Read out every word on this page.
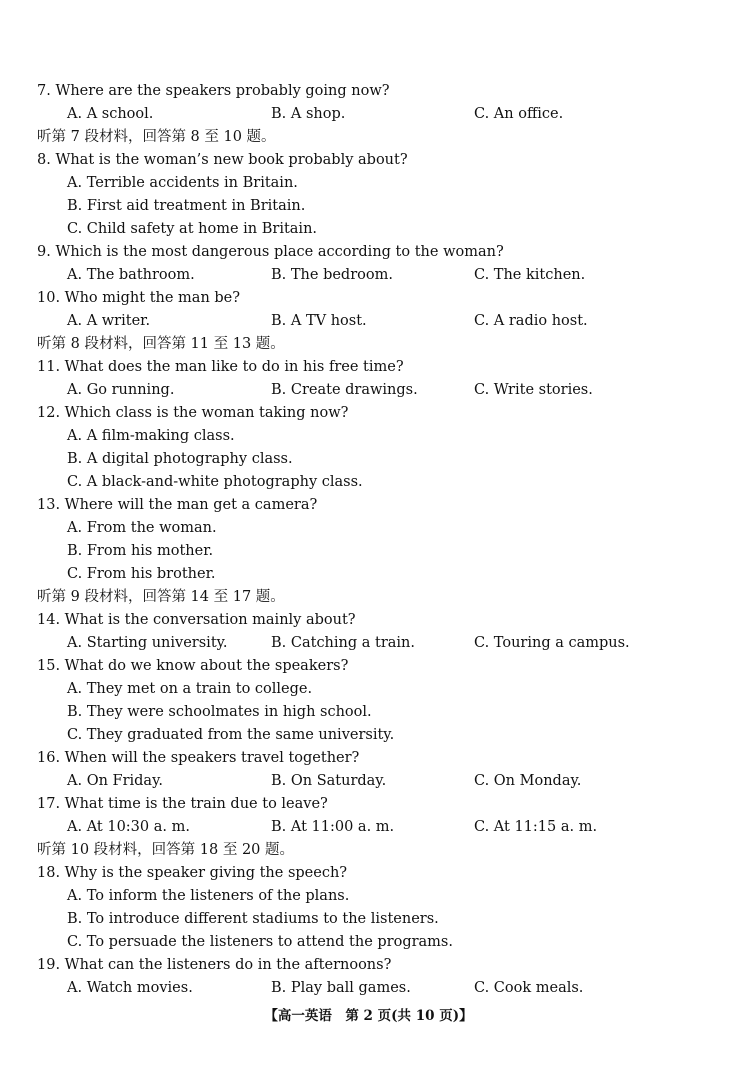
7. Where are the speakers probably going now?
A. A school.	B. A shop.	C. An office.
听第 7 段材料，回答第 8 至 10 题。
8. What is the woman’s new book probably about?
A. Terrible accidents in Britain.
B. First aid treatment in Britain.
C. Child safety at home in Britain.
9. Which is the most dangerous place according to the woman?
A. The bathroom.	B. The bedroom.	C. The kitchen.
10. Who might the man be?
A. A writer.	B. A TV host.	C. A radio host.
听第 8 段材料，回答第 11 至 13 题。
11. What does the man like to do in his free time?
A. Go running.	B. Create drawings.	C. Write stories.
12. Which class is the woman taking now?
A. A film-making class.
B. A digital photography class.
C. A black-and-white photography class.
13. Where will the man get a camera?
A. From the woman.
B. From his mother.
C. From his brother.
听第 9 段材料，回答第 14 至 17 题。
14. What is the conversation mainly about?
A. Starting university.	B. Catching a train.	C. Touring a campus.
15. What do we know about the speakers?
A. They met on a train to college.
B. They were schoolmates in high school.
C. They graduated from the same university.
16. When will the speakers travel together?
A. On Friday.	B. On Saturday.	C. On Monday.
17. What time is the train due to leave?
A. At 10:30 a. m.	B. At 11:00 a. m.	C. At 11:15 a. m.
听第 10 段材料，回答第 18 至 20 题。
18. Why is the speaker giving the speech?
A. To inform the listeners of the plans.
B. To introduce different stadiums to the listeners.
C. To persuade the listeners to attend the programs.
19. What can the listeners do in the afternoons?
A. Watch movies.	B. Play ball games.	C. Cook meals.
【高一英语　第 2 页(共 10 页)】
